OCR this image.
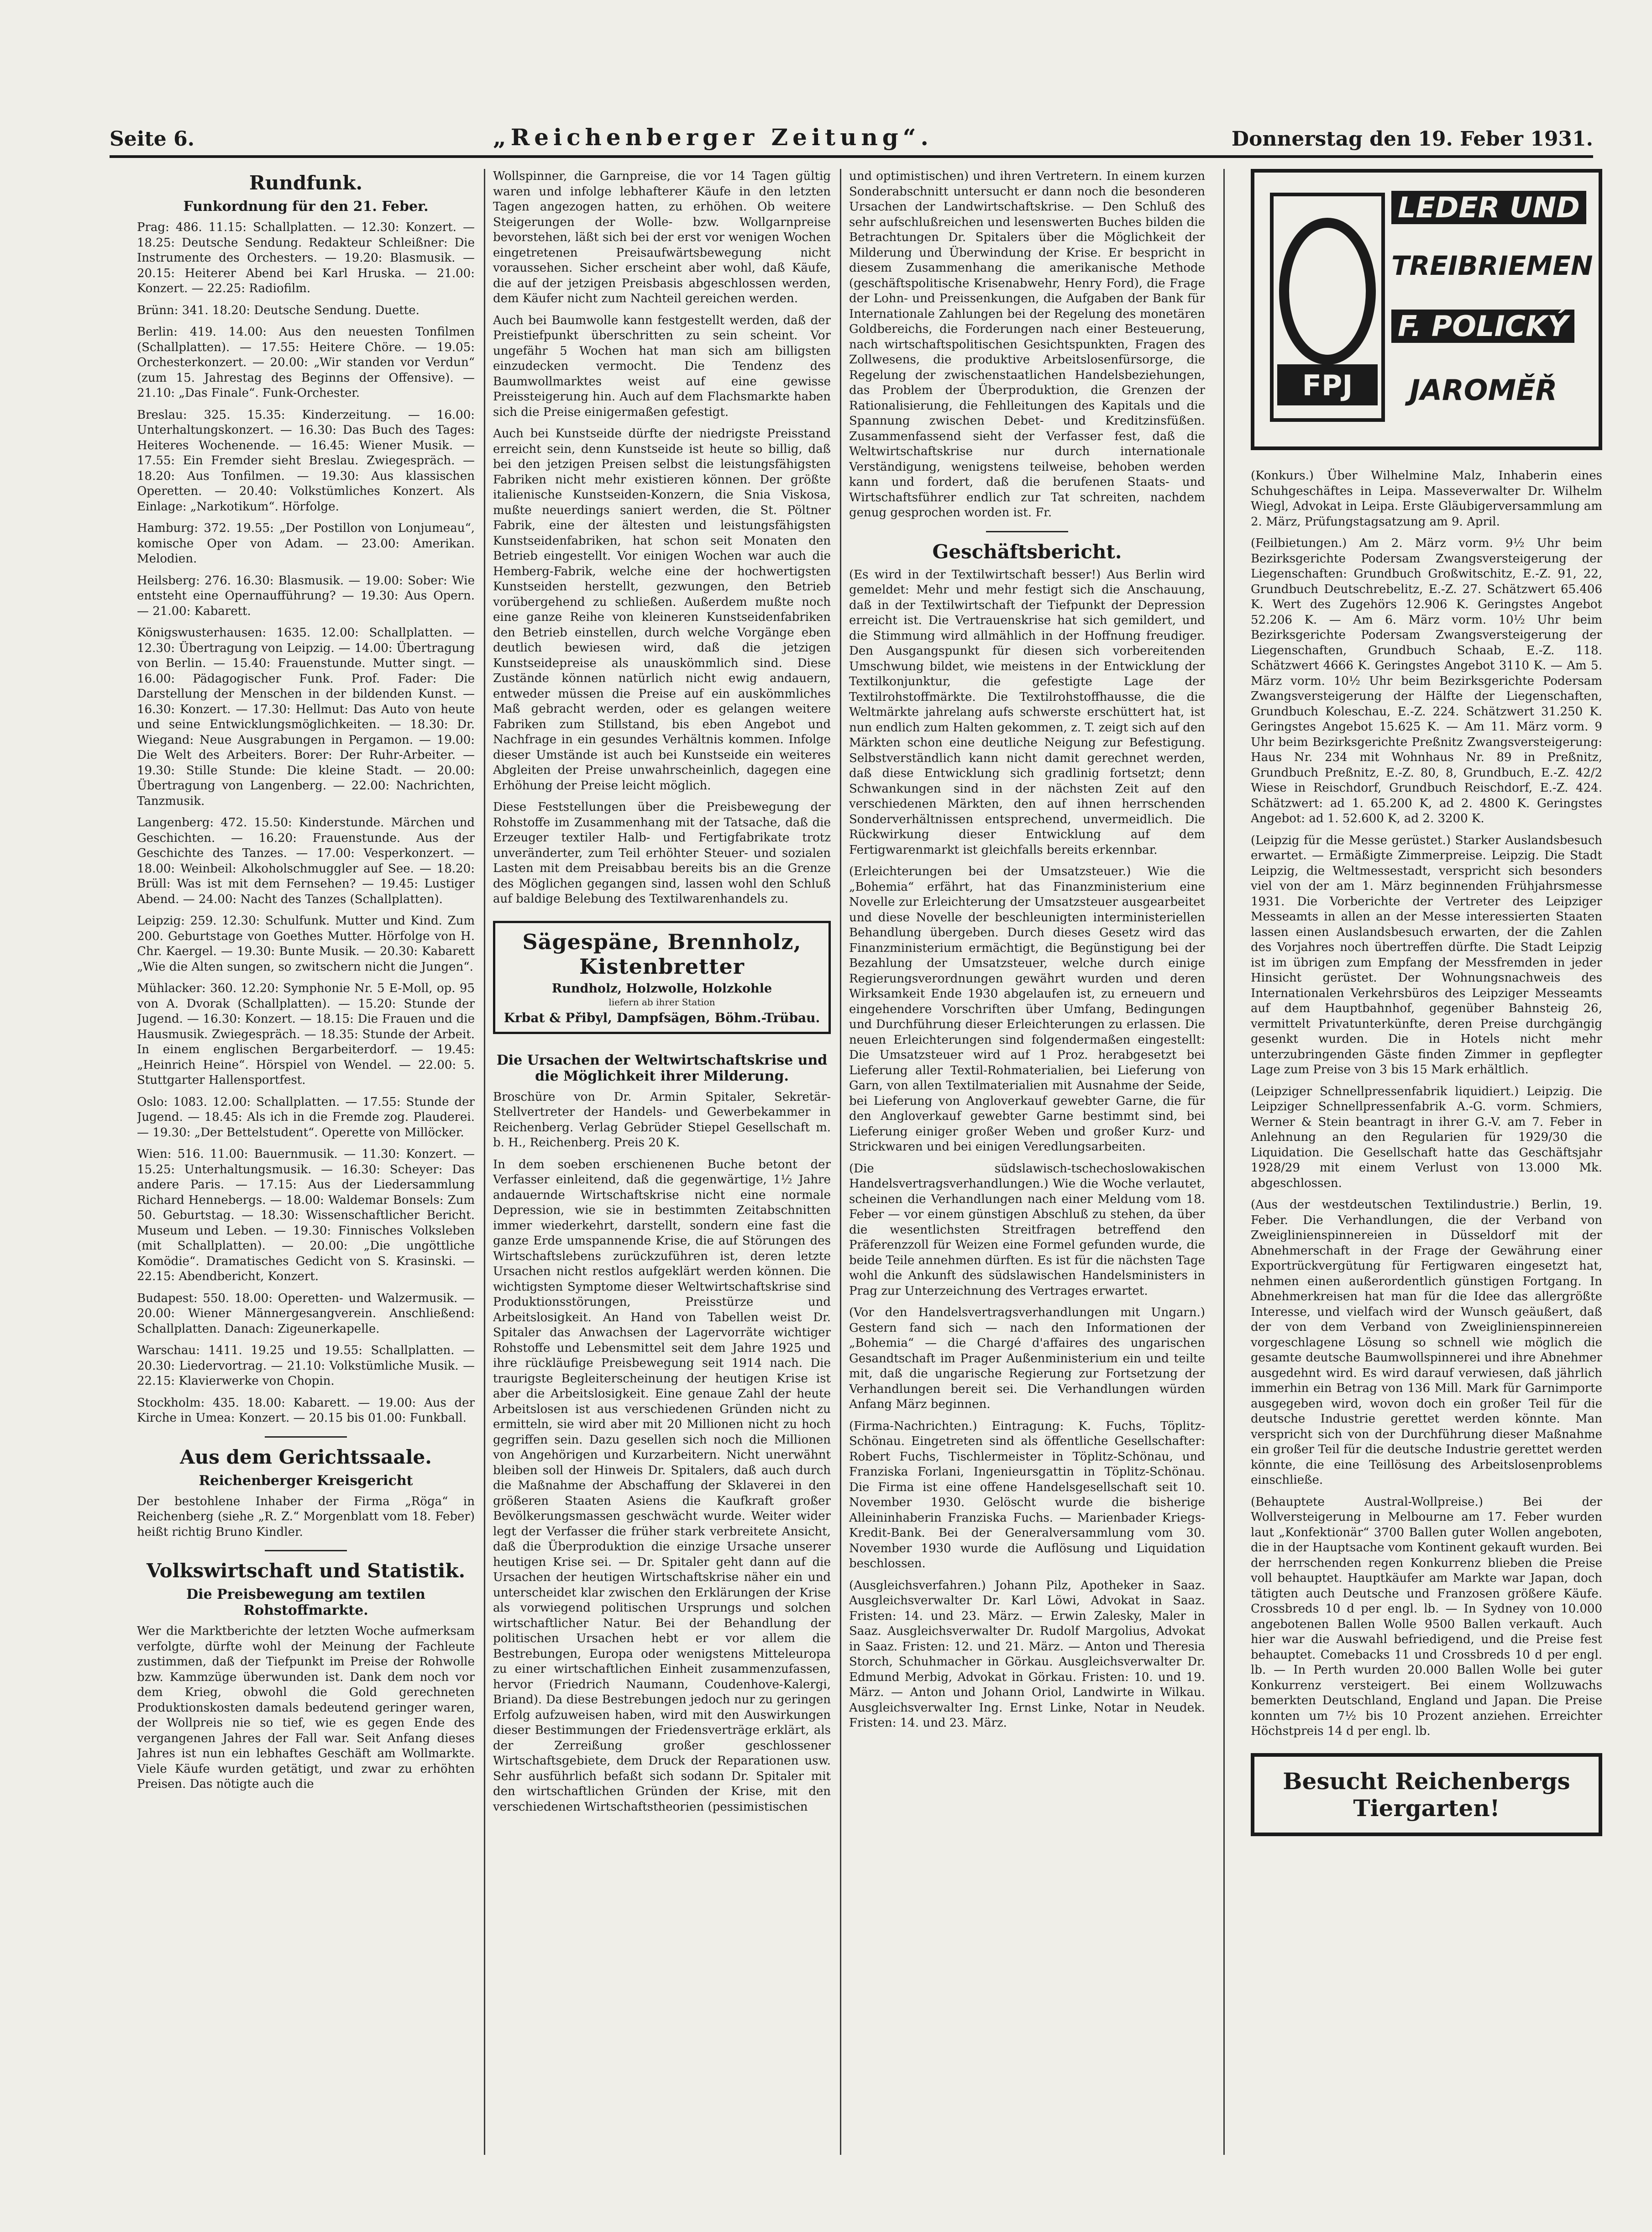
Seite 6.	„Reichenberger Zeitung“.	Donnerstag den 19. Feber 1931.
Rundfunk.
Funkordnung für den 21. Feber.

Prag: 486. 11.15: Schallplatten. — 12.30: Konzert. — 18.25: Deutsche Sendung. Redakteur Schleißner: Die Instrumente des Orchesters. — 19.20: Blasmusik. — 20.15: Heiterer Abend bei Karl Hruska. — 21.00: Konzert. — 22.25: Radiofilm.

Brünn: 341. 18.20: Deutsche Sendung. Duette.

Berlin: 419. 14.00: Aus den neuesten Tonfilmen (Schallplatten). — 17.55: Heitere Chöre. — 19.05: Orchesterkonzert. — 20.00: „Wir standen vor Verdun“ (zum 15. Jahrestag des Beginns der Offensive). — 21.10: „Das Finale“. Funk-Orchester.

Breslau: 325. 15.35: Kinderzeitung. — 16.00: Unterhaltungskonzert. — 16.30: Das Buch des Tages: Heiteres Wochenende. — 16.45: Wiener Musik. — 17.55: Ein Fremder sieht Breslau. Zwiegespräch. — 18.20: Aus Tonfilmen. — 19.30: Aus klassischen Operetten. — 20.40: Volkstümliches Konzert. Als Einlage: „Narkotikum“. Hörfolge.

Hamburg: 372. 19.55: „Der Postillon von Lonjumeau“, komische Oper von Adam. — 23.00: Amerikan. Melodien.

Heilsberg: 276. 16.30: Blasmusik. — 19.00: Sober: Wie entsteht eine Opernaufführung? — 19.30: Aus Opern. — 21.00: Kabarett.

Königswusterhausen: 1635. 12.00: Schallplatten. — 12.30: Übertragung von Leipzig. — 14.00: Übertragung von Berlin. — 15.40: Frauenstunde. Mutter singt. — 16.00: Pädagogischer Funk. Prof. Fader: Die Darstellung der Menschen in der bildenden Kunst. — 16.30: Konzert. — 17.30: Hellmut: Das Auto von heute und seine Entwicklungsmöglichkeiten. — 18.30: Dr. Wiegand: Neue Ausgrabungen in Pergamon. — 19.00: Die Welt des Arbeiters. Borer: Der Ruhr-Arbeiter. — 19.30: Stille Stunde: Die kleine Stadt. — 20.00: Übertragung von Langenberg. — 22.00: Nachrichten, Tanzmusik.

Langenberg: 472. 15.50: Kinderstunde. Märchen und Geschichten. — 16.20: Frauenstunde. Aus der Geschichte des Tanzes. — 17.00: Vesperkonzert. — 18.00: Weinbeil: Alkoholschmuggler auf See. — 18.20: Brüll: Was ist mit dem Fernsehen? — 19.45: Lustiger Abend. — 24.00: Nacht des Tanzes (Schallplatten).

Leipzig: 259. 12.30: Schulfunk. Mutter und Kind. Zum 200. Geburtstage von Goethes Mutter. Hörfolge von H. Chr. Kaergel. — 19.30: Bunte Musik. — 20.30: Kabarett „Wie die Alten sungen, so zwitschern nicht die Jungen“.

Mühlacker: 360. 12.20: Symphonie Nr. 5 E-Moll, op. 95 von A. Dvorak (Schallplatten). — 15.20: Stunde der Jugend. — 16.30: Konzert. — 18.15: Die Frauen und die Hausmusik. Zwiegespräch. — 18.35: Stunde der Arbeit. In einem englischen Bergarbeiterdorf. — 19.45: „Heinrich Heine“. Hörspiel von Wendel. — 22.00: 5. Stuttgarter Hallensportfest.

Oslo: 1083. 12.00: Schallplatten. — 17.55: Stunde der Jugend. — 18.45: Als ich in die Fremde zog. Plauderei. — 19.30: „Der Bettelstudent“. Operette von Millöcker.

Wien: 516. 11.00: Bauernmusik. — 11.30: Konzert. — 15.25: Unterhaltungsmusik. — 16.30: Scheyer: Das andere Paris. — 17.15: Aus der Liedersammlung Richard Hennebergs. — 18.00: Waldemar Bonsels: Zum 50. Geburtstag. — 18.30: Wissenschaftlicher Bericht. Museum und Leben. — 19.30: Finnisches Volksleben (mit Schallplatten). — 20.00: „Die ungöttliche Komödie“. Dramatisches Gedicht von S. Krasinski. — 22.15: Abendbericht, Konzert.

Budapest: 550. 18.00: Operetten- und Walzermusik. — 20.00: Wiener Männergesangverein. Anschließend: Schallplatten. Danach: Zigeunerkapelle.

Warschau: 1411. 19.25 und 19.55: Schallplatten. — 20.30: Liedervortrag. — 21.10: Volkstümliche Musik. — 22.15: Klavierwerke von Chopin.

Stockholm: 435. 18.00: Kabarett. — 19.00: Aus der Kirche in Umea: Konzert. — 20.15 bis 01.00: Funkball.

Aus dem Gerichtssaale.
Reichenberger Kreisgericht

Der bestohlene Inhaber der Firma „Röga“ in Reichenberg (siehe „R. Z.“ Morgenblatt vom 18. Feber) heißt richtig Bruno Kindler.

Volkswirtschaft und Statistik.
Die Preisbewegung am textilen Rohstoffmarkte.

Wer die Marktberichte der letzten Woche aufmerksam verfolgte, dürfte wohl der Meinung der Fachleute zustimmen, daß der Tiefpunkt im Preise der Rohwolle bzw. Kammzüge überwunden ist. Dank dem noch vor dem Krieg, obwohl die Gold gerechneten Produktionskosten damals bedeutend geringer waren, der Wollpreis nie so tief, wie es gegen Ende des vergangenen Jahres der Fall war. Seit Anfang dieses Jahres ist nun ein lebhaftes Geschäft am Wollmarkte. Viele Käufe wurden getätigt, und zwar zu erhöhten Preisen. Das nötigte auch die

Wollspinner, die Garnpreise, die vor 14 Tagen gültig waren und infolge lebhafterer Käufe in den letzten Tagen angezogen hatten, zu erhöhen. Ob weitere Steigerungen der Wolle- bzw. Wollgarnpreise bevorstehen, läßt sich bei der erst vor wenigen Wochen eingetretenen Preisaufwärtsbewegung nicht voraussehen. Sicher erscheint aber wohl, daß Käufe, die auf der jetzigen Preisbasis abgeschlossen werden, dem Käufer nicht zum Nachteil gereichen werden.

Auch bei Baumwolle kann festgestellt werden, daß der Preistiefpunkt überschritten zu sein scheint. Vor ungefähr 5 Wochen hat man sich am billigsten einzudecken vermocht. Die Tendenz des Baumwollmarktes weist auf eine gewisse Preissteigerung hin. Auch auf dem Flachsmarkte haben sich die Preise einigermaßen gefestigt.

Auch bei Kunstseide dürfte der niedrigste Preisstand erreicht sein, denn Kunstseide ist heute so billig, daß bei den jetzigen Preisen selbst die leistungsfähigsten Fabriken nicht mehr existieren können. Der größte italienische Kunstseiden-Konzern, die Snia Viskosa, mußte neuerdings saniert werden, die St. Pöltner Fabrik, eine der ältesten und leistungsfähigsten Kunstseidenfabriken, hat schon seit Monaten den Betrieb eingestellt. Vor einigen Wochen war auch die Hemberg-Fabrik, welche eine der hochwertigsten Kunstseiden herstellt, gezwungen, den Betrieb vorübergehend zu schließen. Außerdem mußte noch eine ganze Reihe von kleineren Kunstseidenfabriken den Betrieb einstellen, durch welche Vorgänge eben deutlich bewiesen wird, daß die jetzigen Kunstseidepreise als unauskömmlich sind. Diese Zustände können natürlich nicht ewig andauern, entweder müssen die Preise auf ein auskömmliches Maß gebracht werden, oder es gelangen weitere Fabriken zum Stillstand, bis eben Angebot und Nachfrage in ein gesundes Verhältnis kommen. Infolge dieser Umstände ist auch bei Kunstseide ein weiteres Abgleiten der Preise unwahrscheinlich, dagegen eine Erhöhung der Preise leicht möglich.

Diese Feststellungen über die Preisbewegung der Rohstoffe im Zusammenhang mit der Tatsache, daß die Erzeuger textiler Halb- und Fertigfabrikate trotz unveränderter, zum Teil erhöhter Steuer- und sozialen Lasten mit dem Preisabbau bereits bis an die Grenze des Möglichen gegangen sind, lassen wohl den Schluß auf baldige Belebung des Textilwarenhandels zu.

Sägespäne, Brennholz, Kistenbretter
Rundholz, Holzwolle, Holzkohle
liefern ab ihrer Station
Krbat & Přibyl, Dampfsägen, Böhm.-Trübau.
Die Ursachen der Weltwirtschaftskrise und die Möglichkeit ihrer Milderung.

Broschüre von Dr. Armin Spitaler, Sekretär-Stellvertreter der Handels- und Gewerbekammer in Reichenberg. Verlag Gebrüder Stiepel Gesellschaft m. b. H., Reichenberg. Preis 20 K.

In dem soeben erschienenen Buche betont der Verfasser einleitend, daß die gegenwärtige, 1½ Jahre andauernde Wirtschaftskrise nicht eine normale Depression, wie sie in bestimmten Zeitabschnitten immer wiederkehrt, darstellt, sondern eine fast die ganze Erde umspannende Krise, die auf Störungen des Wirtschaftslebens zurückzuführen ist, deren letzte Ursachen nicht restlos aufgeklärt werden können. Die wichtigsten Symptome dieser Weltwirtschaftskrise sind Produktionsstörungen, Preisstürze und Arbeitslosigkeit. An Hand von Tabellen weist Dr. Spitaler das Anwachsen der Lagervorräte wichtiger Rohstoffe und Lebensmittel seit dem Jahre 1925 und ihre rückläufige Preisbewegung seit 1914 nach. Die traurigste Begleiterscheinung der heutigen Krise ist aber die Arbeitslosigkeit. Eine genaue Zahl der heute Arbeitslosen ist aus verschiedenen Gründen nicht zu ermitteln, sie wird aber mit 20 Millionen nicht zu hoch gegriffen sein. Dazu gesellen sich noch die Millionen von Angehörigen und Kurzarbeitern. Nicht unerwähnt bleiben soll der Hinweis Dr. Spitalers, daß auch durch die Maßnahme der Abschaffung der Sklaverei in den größeren Staaten Asiens die Kaufkraft großer Bevölkerungsmassen geschwächt wurde. Weiter wider legt der Verfasser die früher stark verbreitete Ansicht, daß die Überproduktion die einzige Ursache unserer heutigen Krise sei. — Dr. Spitaler geht dann auf die Ursachen der heutigen Wirtschaftskrise näher ein und unterscheidet klar zwischen den Erklärungen der Krise als vorwiegend politischen Ursprungs und solchen wirtschaftlicher Natur. Bei der Behandlung der politischen Ursachen hebt er vor allem die Bestrebungen, Europa oder wenigstens Mitteleuropa zu einer wirtschaftlichen Einheit zusammenzufassen, hervor (Friedrich Naumann, Coudenhove-Kalergi, Briand). Da diese Bestrebungen jedoch nur zu geringen Erfolg aufzuweisen haben, wird mit den Auswirkungen dieser Bestimmungen der Friedensverträge erklärt, als der Zerreißung großer geschlossener Wirtschaftsgebiete, dem Druck der Reparationen usw. Sehr ausführlich befaßt sich sodann Dr. Spitaler mit den wirtschaftlichen Gründen der Krise, mit den verschiedenen Wirtschaftstheorien (pessimistischen

und optimistischen) und ihren Vertretern. In einem kurzen Sonderabschnitt untersucht er dann noch die besonderen Ursachen der Landwirtschaftskrise. — Den Schluß des sehr aufschlußreichen und lesenswerten Buches bilden die Betrachtungen Dr. Spitalers über die Möglichkeit der Milderung und Überwindung der Krise. Er bespricht in diesem Zusammenhang die amerikanische Methode (geschäftspolitische Krisenabwehr, Henry Ford), die Frage der Lohn- und Preissenkungen, die Aufgaben der Bank für Internationale Zahlungen bei der Regelung des monetären Goldbereichs, die Forderungen nach einer Besteuerung, nach wirtschaftspolitischen Gesichtspunkten, Fragen des Zollwesens, die produktive Arbeitslosenfürsorge, die Regelung der zwischenstaatlichen Handelsbeziehungen, das Problem der Überproduktion, die Grenzen der Rationalisierung, die Fehlleitungen des Kapitals und die Spannung zwischen Debet- und Kreditzinsfüßen. Zusammenfassend sieht der Verfasser fest, daß die Weltwirtschaftskrise nur durch internationale Verständigung, wenigstens teilweise, behoben werden kann und fordert, daß die berufenen Staats- und Wirtschaftsführer endlich zur Tat schreiten, nachdem genug gesprochen worden ist. Fr.

Geschäftsbericht.

(Es wird in der Textilwirtschaft besser!) Aus Berlin wird gemeldet: Mehr und mehr festigt sich die Anschauung, daß in der Textilwirtschaft der Tiefpunkt der Depression erreicht ist. Die Vertrauenskrise hat sich gemildert, und die Stimmung wird allmählich in der Hoffnung freudiger. Den Ausgangspunkt für diesen sich vorbereitenden Umschwung bildet, wie meistens in der Entwicklung der Textilkonjunktur, die gefestigte Lage der Textilrohstoffmärkte. Die Textilrohstoffhausse, die die Weltmärkte jahrelang aufs schwerste erschüttert hat, ist nun endlich zum Halten gekommen, z. T. zeigt sich auf den Märkten schon eine deutliche Neigung zur Befestigung. Selbstverständlich kann nicht damit gerechnet werden, daß diese Entwicklung sich gradlinig fortsetzt; denn Schwankungen sind in der nächsten Zeit auf den verschiedenen Märkten, den auf ihnen herrschenden Sonderverhältnissen entsprechend, unvermeidlich. Die Rückwirkung dieser Entwicklung auf dem Fertigwarenmarkt ist gleichfalls bereits erkennbar.

(Erleichterungen bei der Umsatzsteuer.) Wie die „Bohemia“ erfährt, hat das Finanzministerium eine Novelle zur Erleichterung der Umsatzsteuer ausgearbeitet und diese Novelle der beschleunigten interministeriellen Behandlung übergeben. Durch dieses Gesetz wird das Finanzministerium ermächtigt, die Begünstigung bei der Bezahlung der Umsatzsteuer, welche durch einige Regierungsverordnungen gewährt wurden und deren Wirksamkeit Ende 1930 abgelaufen ist, zu erneuern und eingehendere Vorschriften über Umfang, Bedingungen und Durchführung dieser Erleichterungen zu erlassen. Die neuen Erleichterungen sind folgendermaßen eingestellt: Die Umsatzsteuer wird auf 1 Proz. herabgesetzt bei Lieferung aller Textil-Rohmaterialien, bei Lieferung von Garn, von allen Textilmaterialien mit Ausnahme der Seide, bei Lieferung von Angloverkauf gewebter Garne, die für den Angloverkauf gewebter Garne bestimmt sind, bei Lieferung einiger großer Weben und großer Kurz- und Strickwaren und bei einigen Veredlungsarbeiten.

(Die südslawisch-tschechoslowakischen Handelsvertragsverhandlungen.) Wie die Woche verlautet, scheinen die Verhandlungen nach einer Meldung vom 18. Feber — vor einem günstigen Abschluß zu stehen, da über die wesentlichsten Streitfragen betreffend den Präferenzzoll für Weizen eine Formel gefunden wurde, die beide Teile annehmen dürften. Es ist für die nächsten Tage wohl die Ankunft des südslawischen Handelsministers in Prag zur Unterzeichnung des Vertrages erwartet.

(Vor den Handelsvertragsverhandlungen mit Ungarn.) Gestern fand sich — nach den Informationen der „Bohemia“ — die Chargé d'affaires des ungarischen Gesandtschaft im Prager Außenministerium ein und teilte mit, daß die ungarische Regierung zur Fortsetzung der Verhandlungen bereit sei. Die Verhandlungen würden Anfang März beginnen.

(Firma-Nachrichten.) Eintragung: K. Fuchs, Töplitz-Schönau. Eingetreten sind als öffentliche Gesellschafter: Robert Fuchs, Tischlermeister in Töplitz-Schönau, und Franziska Forlani, Ingenieursgattin in Töplitz-Schönau. Die Firma ist eine offene Handelsgesellschaft seit 10. November 1930. Gelöscht wurde die bisherige Alleininhaberin Franziska Fuchs. — Marienbader Kriegs-Kredit-Bank. Bei der Generalversammlung vom 30. November 1930 wurde die Auflösung und Liquidation beschlossen.

(Ausgleichsverfahren.) Johann Pilz, Apotheker in Saaz. Ausgleichsverwalter Dr. Karl Löwi, Advokat in Saaz. Fristen: 14. und 23. März. — Erwin Zalesky, Maler in Saaz. Ausgleichsverwalter Dr. Rudolf Margolius, Advokat in Saaz. Fristen: 12. und 21. März. — Anton und Theresia Storch, Schuhmacher in Görkau. Ausgleichsverwalter Dr. Edmund Merbig, Advokat in Görkau. Fristen: 10. und 19. März. — Anton und Johann Oriol, Landwirte in Wilkau. Ausgleichsverwalter Ing. Ernst Linke, Notar in Neudek. Fristen: 14. und 23. März.

FPJ
LEDER UND
TREIBRIEMEN
F. POLICKÝ
JAROMĚŘ

(Konkurs.) Über Wilhelmine Malz, Inhaberin eines Schuhgeschäftes in Leipa. Masseverwalter Dr. Wilhelm Wiegl, Advokat in Leipa. Erste Gläubigerversammlung am 2. März, Prüfungstagsatzung am 9. April.

(Feilbietungen.) Am 2. März vorm. 9½ Uhr beim Bezirksgerichte Podersam Zwangsversteigerung der Liegenschaften: Grundbuch Großwitschitz, E.-Z. 91, 22, Grundbuch Deutschrebelitz, E.-Z. 27. Schätzwert 65.406 K. Wert des Zugehörs 12.906 K. Geringstes Angebot 52.206 K. — Am 6. März vorm. 10½ Uhr beim Bezirksgerichte Podersam Zwangsversteigerung der Liegenschaften, Grundbuch Schaab, E.-Z. 118. Schätzwert 4666 K. Geringstes Angebot 3110 K. — Am 5. März vorm. 10½ Uhr beim Bezirksgerichte Podersam Zwangsversteigerung der Hälfte der Liegenschaften, Grundbuch Koleschau, E.-Z. 224. Schätzwert 31.250 K. Geringstes Angebot 15.625 K. — Am 11. März vorm. 9 Uhr beim Bezirksgerichte Preßnitz Zwangsversteigerung: Haus Nr. 234 mit Wohnhaus Nr. 89 in Preßnitz, Grundbuch Preßnitz, E.-Z. 80, 8, Grundbuch, E.-Z. 42/2 Wiese in Reischdorf, Grundbuch Reischdorf, E.-Z. 424. Schätzwert: ad 1. 65.200 K, ad 2. 4800 K. Geringstes Angebot: ad 1. 52.600 K, ad 2. 3200 K.

(Leipzig für die Messe gerüstet.) Starker Auslandsbesuch erwartet. — Ermäßigte Zimmerpreise. Leipzig. Die Stadt Leipzig, die Weltmessestadt, verspricht sich besonders viel von der am 1. März beginnenden Frühjahrsmesse 1931. Die Vorberichte der Vertreter des Leipziger Messeamts in allen an der Messe interessierten Staaten lassen einen Auslandsbesuch erwarten, der die Zahlen des Vorjahres noch übertreffen dürfte. Die Stadt Leipzig ist im übrigen zum Empfang der Messfremden in jeder Hinsicht gerüstet. Der Wohnungsnachweis des Internationalen Verkehrsbüros des Leipziger Messeamts auf dem Hauptbahnhof, gegenüber Bahnsteig 26, vermittelt Privatunterkünfte, deren Preise durchgängig gesenkt wurden. Die in Hotels nicht mehr unterzubringenden Gäste finden Zimmer in gepflegter Lage zum Preise von 3 bis 15 Mark erhältlich.

(Leipziger Schnellpressenfabrik liquidiert.) Leipzig. Die Leipziger Schnellpressenfabrik A.-G. vorm. Schmiers, Werner & Stein beantragt in ihrer G.-V. am 7. Feber in Anlehnung an den Regularien für 1929/30 die Liquidation. Die Gesellschaft hatte das Geschäftsjahr 1928/29 mit einem Verlust von 13.000 Mk. abgeschlossen.

(Aus der westdeutschen Textilindustrie.) Berlin, 19. Feber. Die Verhandlungen, die der Verband von Zweiglinienspinnereien in Düsseldorf mit der Abnehmerschaft in der Frage der Gewährung einer Exportrückvergütung für Fertigwaren eingesetzt hat, nehmen einen außerordentlich günstigen Fortgang. In Abnehmerkreisen hat man für die Idee das allergrößte Interesse, und vielfach wird der Wunsch geäußert, daß der von dem Verband von Zweiglinienspinnereien vorgeschlagene Lösung so schnell wie möglich die gesamte deutsche Baumwollspinnerei und ihre Abnehmer ausgedehnt wird. Es wird darauf verwiesen, daß jährlich immerhin ein Betrag von 136 Mill. Mark für Garnimporte ausgegeben wird, wovon doch ein großer Teil für die deutsche Industrie gerettet werden könnte. Man verspricht sich von der Durchführung dieser Maßnahme ein großer Teil für die deutsche Industrie gerettet werden könnte, die eine Teillösung des Arbeitslosenproblems einschließe.

(Behauptete Austral-Wollpreise.) Bei der Wollversteigerung in Melbourne am 17. Feber wurden laut „Konfektionär“ 3700 Ballen guter Wollen angeboten, die in der Hauptsache vom Kontinent gekauft wurden. Bei der herrschenden regen Konkurrenz blieben die Preise voll behauptet. Hauptkäufer am Markte war Japan, doch tätigten auch Deutsche und Franzosen größere Käufe. Crossbreds 10 d per engl. lb. — In Sydney von 10.000 angebotenen Ballen Wolle 9500 Ballen verkauft. Auch hier war die Auswahl befriedigend, und die Preise fest behauptet. Comebacks 11 und Crossbreds 10 d per engl. lb. — In Perth wurden 20.000 Ballen Wolle bei guter Konkurrenz versteigert. Bei einem Wollzuwachs bemerkten Deutschland, England und Japan. Die Preise konnten um 7½ bis 10 Prozent anziehen. Erreichter Höchstpreis 14 d per engl. lb.

Besucht Reichenbergs Tiergarten!
